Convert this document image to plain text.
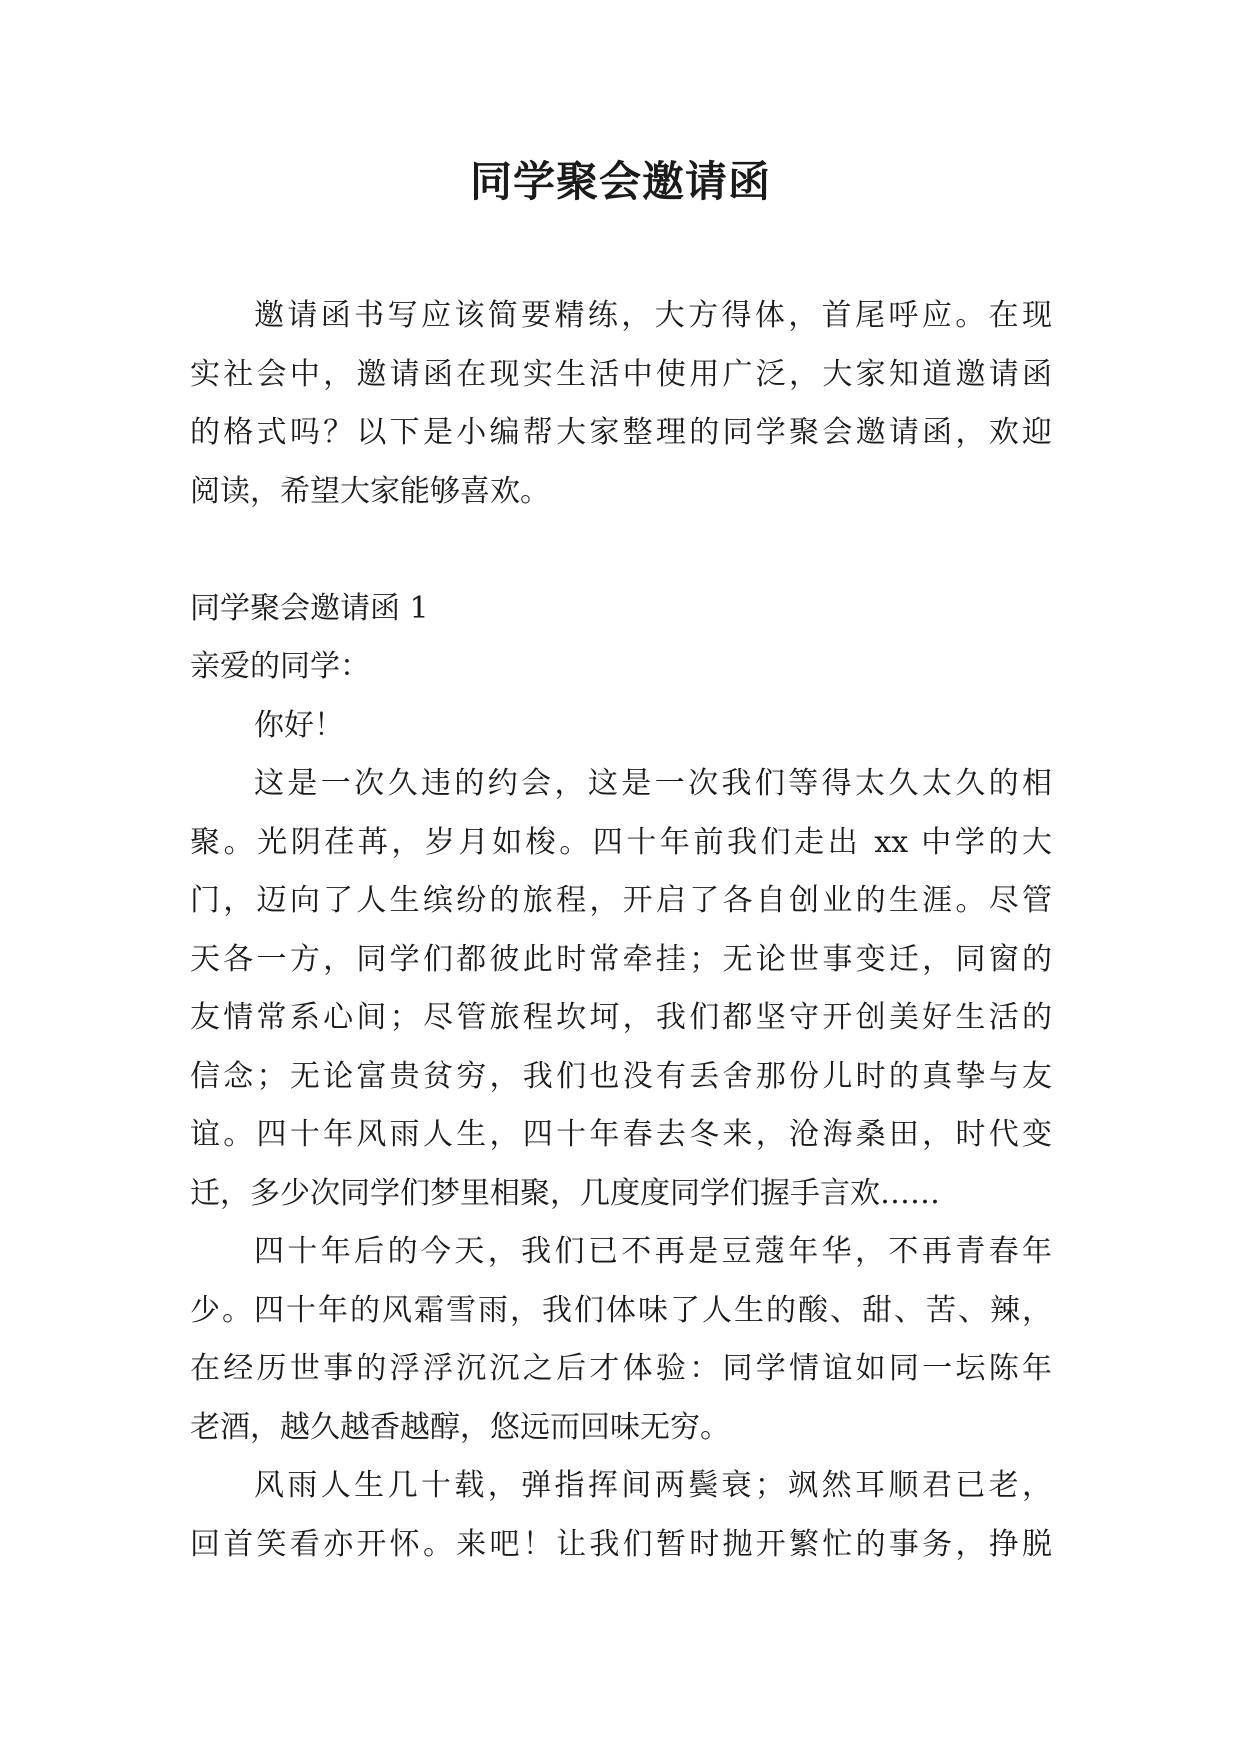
同学聚会邀请函
邀请函书写应该简要精练，大方得体，首尾呼应。在现
实社会中，邀请函在现实生活中使用广泛，大家知道邀请函
的格式吗？以下是小编帮大家整理的同学聚会邀请函，欢迎
阅读，希望大家能够喜欢。
同学聚会邀请函 1
亲爱的同学：
你好！
这是一次久违的约会，这是一次我们等得太久太久的相
聚。光阴荏苒，岁月如梭。四十年前我们走出 xx 中学的大
门，迈向了人生缤纷的旅程，开启了各自创业的生涯。尽管
天各一方，同学们都彼此时常牵挂；无论世事变迁，同窗的
友情常系心间；尽管旅程坎坷，我们都坚守开创美好生活的
信念；无论富贵贫穷，我们也没有丢舍那份儿时的真挚与友
谊。四十年风雨人生，四十年春去冬来，沧海桑田，时代变
迁，多少次同学们梦里相聚，几度度同学们握手言欢……
四十年后的今天，我们已不再是豆蔻年华，不再青春年
少。四十年的风霜雪雨，我们体味了人生的酸、甜、苦、辣，
在经历世事的浮浮沉沉之后才体验：同学情谊如同一坛陈年
老酒，越久越香越醇，悠远而回味无穷。
风雨人生几十载，弹指挥间两鬓衰；飒然耳顺君已老，
回首笑看亦开怀。来吧！让我们暂时抛开繁忙的事务，挣脱
